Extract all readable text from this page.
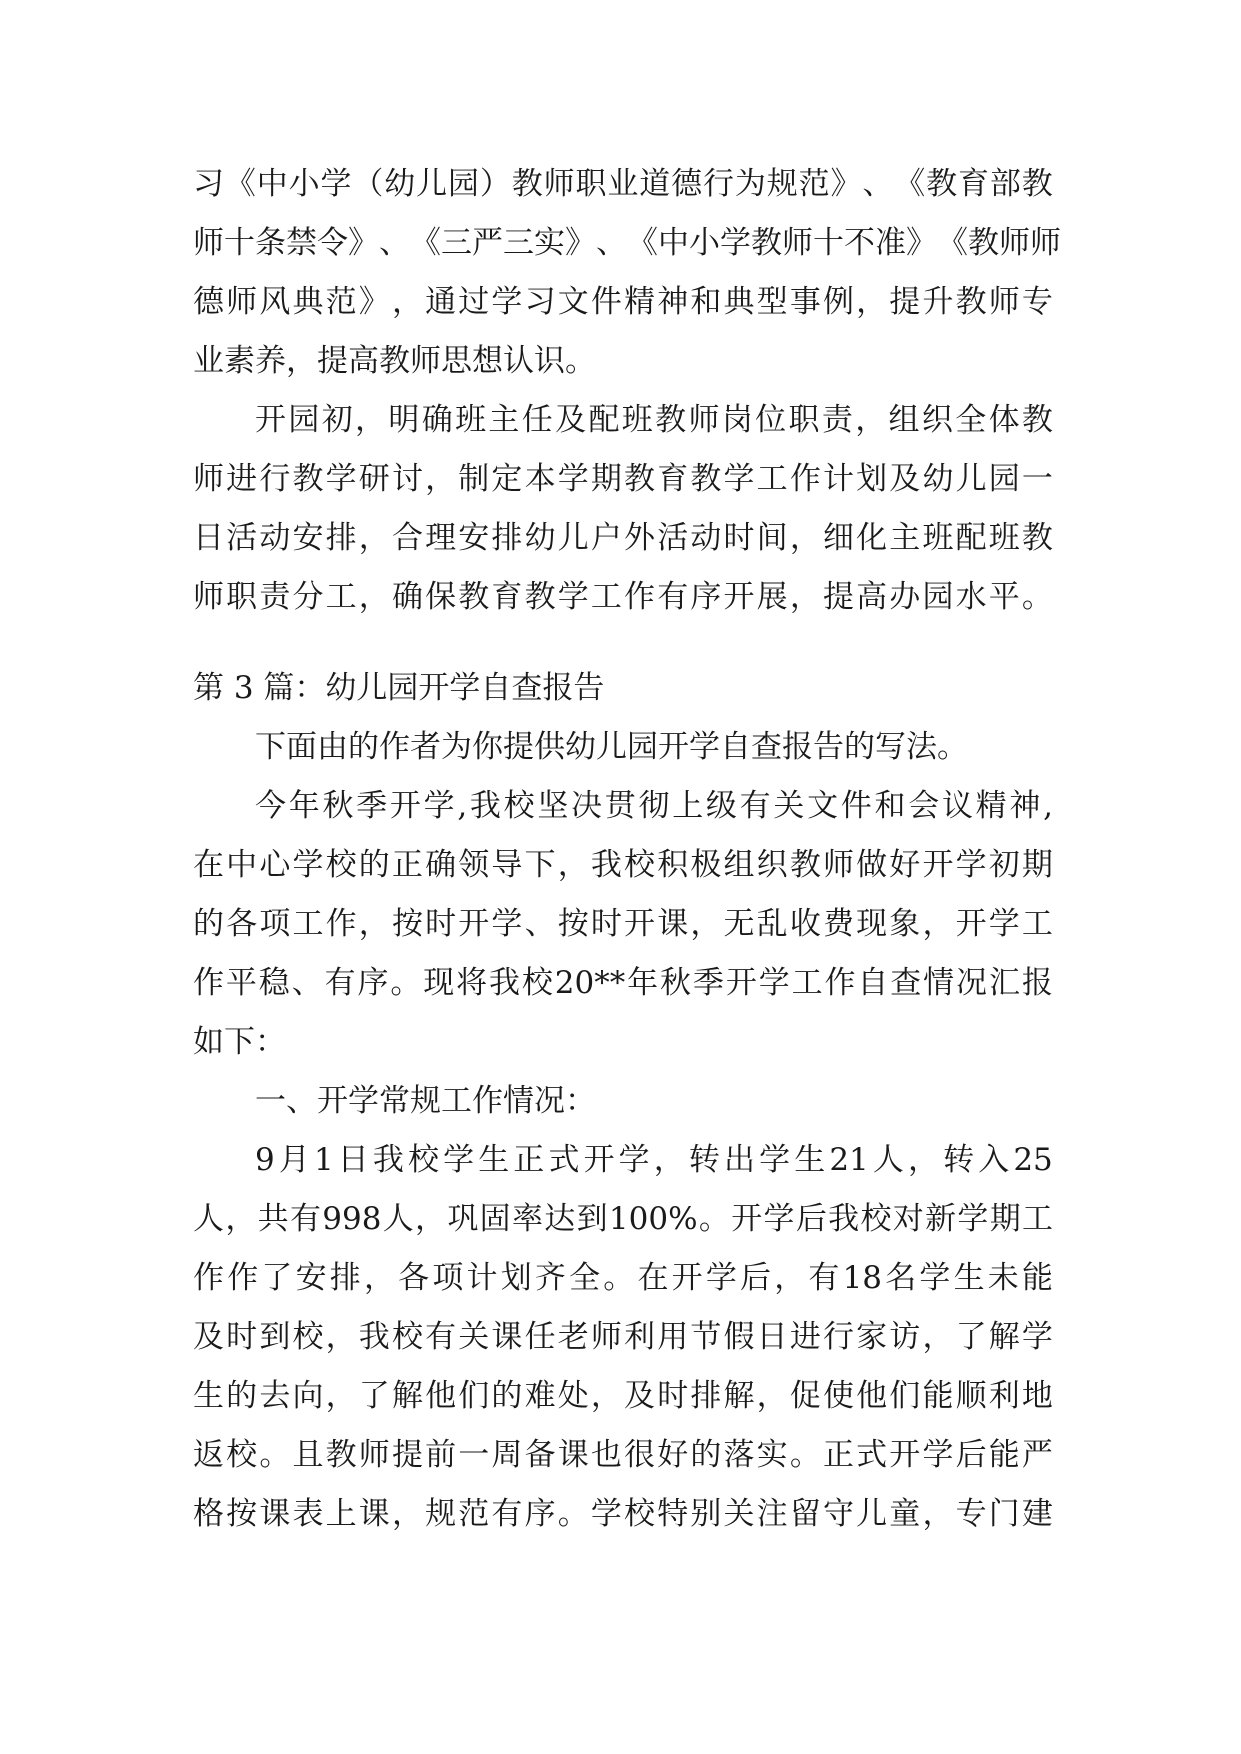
习 《 中 小 学 （ 幼 儿 园 ） 教 师 职 业 道 德 行 为 规 范 》 、 《 教 育 部 教
师 十 条 禁 令 》 、 《 三 严 三 实 》 、 《 中 小 学 教 师 十 不 准 》 《 教 师 师
德 师 风 典 范 》 ， 通 过 学 习 文 件 精 神 和 典 型 事 例 ， 提 升 教 师 专
业素养，提高教师思想认识。
开 园 初 ， 明 确 班 主 任 及 配 班 教 师 岗 位 职 责 ， 组 织 全 体 教
师 进 行 教 学 研 讨 ， 制 定 本 学 期 教 育 教 学 工 作 计 划 及 幼 儿 园 一
日 活 动 安 排 ， 合 理 安 排 幼 儿 户 外 活 动 时 间 ， 细 化 主 班 配 班 教
师 职 责 分 工 ， 确 保 教 育 教 学 工 作 有 序 开 展 ， 提 高 办 园 水 平 。
第 3 篇：幼儿园开学自查报告
下面由的作者为你提供幼儿园开学自查报告的写法。
今 年 秋 季 开 学 , 我 校 坚 决 贯 彻 上 级 有 关 文 件 和 会 议 精 神 ,
在 中 心 学 校 的 正 确 领 导 下 ， 我 校 积 极 组 织 教 师 做 好 开 学 初 期
的 各 项 工 作 ， 按 时 开 学 、 按 时 开 课 ， 无 乱 收 费 现 象 ， 开 学 工
作 平 稳 、 有 序 。 现 将 我 校 20** 年 秋 季 开 学 工 作 自 查 情 况 汇 报
如下：
一、开学常规工作情况：
9 月 1 日 我 校 学 生 正 式 开 学 ， 转 出 学 生 21 人 ， 转 入 25
人 ， 共 有 998 人 ， 巩 固 率 达 到 100% 。 开 学 后 我 校 对 新 学 期 工
作 作 了 安 排 ， 各 项 计 划 齐 全 。 在 开 学 后 ， 有 18 名 学 生 未 能
及 时 到 校 ， 我 校 有 关 课 任 老 师 利 用 节 假 日 进 行 家 访 ， 了 解 学
生 的 去 向 ， 了 解 他 们 的 难 处 ， 及 时 排 解 ， 促 使 他 们 能 顺 利 地
返 校 。 且 教 师 提 前 一 周 备 课 也 很 好 的 落 实 。 正 式 开 学 后 能 严
格 按 课 表 上 课 ， 规 范 有 序 。 学 校 特 别 关 注 留 守 儿 童 ， 专 门 建
